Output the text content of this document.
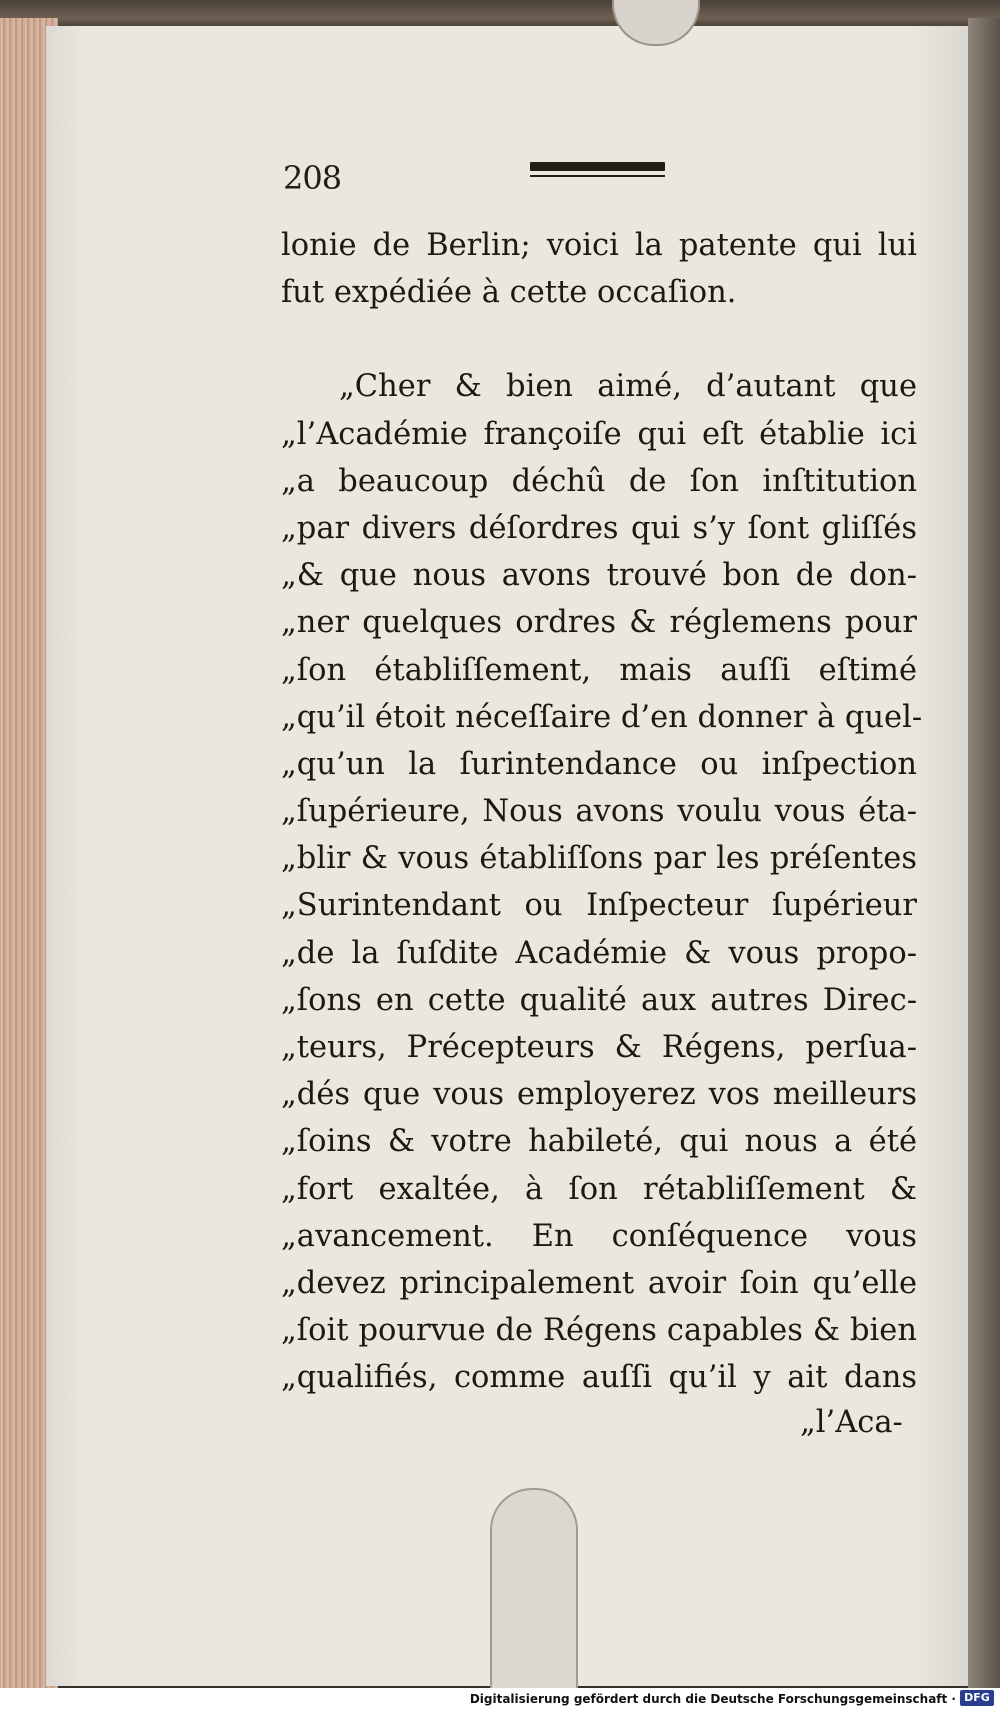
208
lonie de Berlin; voici la patente qui lui
fut expédiée à cette occaſion.
„Cher & bien aimé, d’autant que
„l’Académie françoiſe qui eſt établie ici
„a beaucoup déchû de ſon inſtitution
„par divers déſordres qui s’y ſont gliſſés
„& que nous avons trouvé bon de don-
„ner quelques ordres & réglemens pour
„ſon établiſſement, mais auſſi eſtimé
„qu’il étoit néceſſaire d’en donner à quel-
„qu’un la ſurintendance ou inſpection
„ſupérieure, Nous avons voulu vous éta-
„blir & vous établiſſons par les préſentes
„Surintendant ou Inſpecteur ſupérieur
„de la ſuſdite Académie & vous propo-
„ſons en cette qualité aux autres Direc-
„teurs, Précepteurs & Régens, perſua-
„dés que vous employerez vos meilleurs
„ſoins & votre habileté, qui nous a été
„fort exaltée, à ſon rétabliſſement &
„avancement. En conſéquence vous
„devez principalement avoir ſoin qu’elle
„ſoit pourvue de Régens capables & bien
„qualifiés, comme auſſi qu’il y ait dans
„l’Aca-
Digitalisierung gefördert durch die Deutsche Forschungsgemeinschaft · DFG
